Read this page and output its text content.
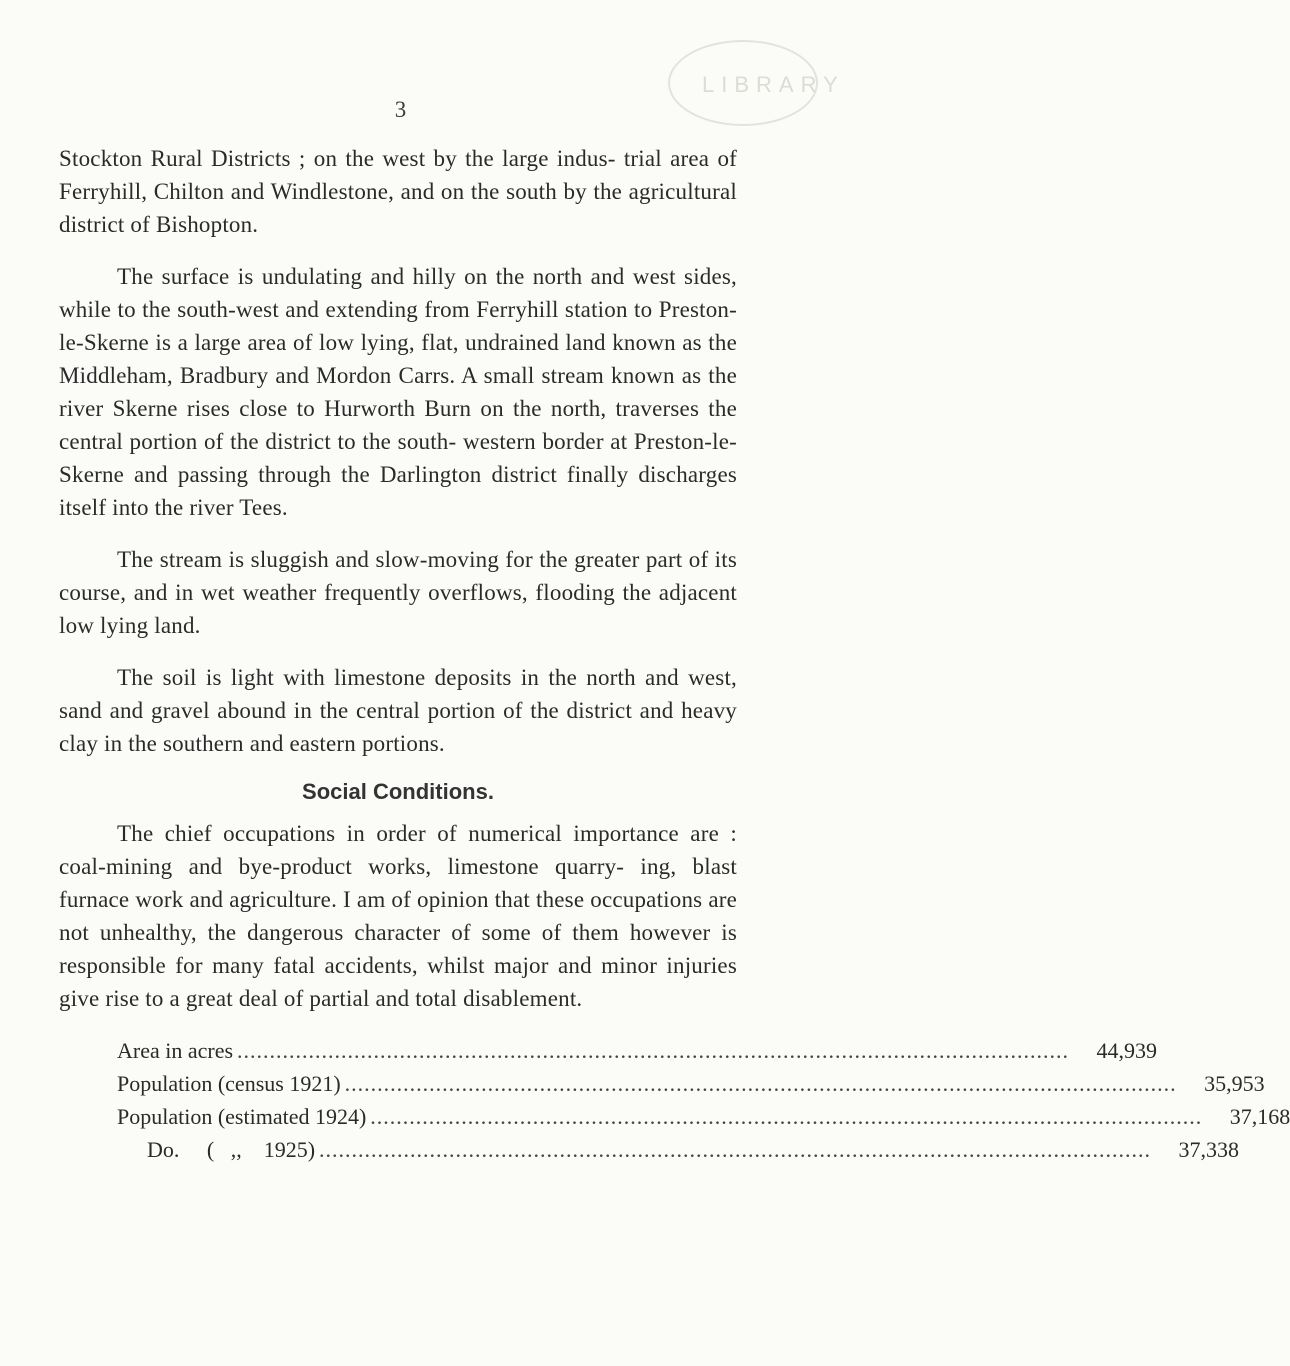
LIBRARY
3

Stockton Rural Districts ; on the west by the large indus- trial area of Ferryhill, Chilton and Windlestone, and on the south by the agricultural district of Bishopton.

The surface is undulating and hilly on the north and west sides, while to the south-west and extending from Ferryhill station to Preston-le-Skerne is a large area of low lying, flat, undrained land known as the Middleham, Bradbury and Mordon Carrs. A small stream known as the river Skerne rises close to Hurworth Burn on the north, traverses the central portion of the district to the south- western border at Preston-le-Skerne and passing through the Darlington district finally discharges itself into the river Tees.

The stream is sluggish and slow-moving for the greater part of its course, and in wet weather frequently overflows, flooding the adjacent low lying land.

The soil is light with limestone deposits in the north and west, sand and gravel abound in the central portion of the district and heavy clay in the southern and eastern portions.

Social Conditions.

The chief occupations in order of numerical importance are : coal-mining and bye-product works, limestone quarry- ing, blast furnace work and agriculture. I am of opinion that these occupations are not unhealthy, the dangerous character of some of them however is responsible for many fatal accidents, whilst major and minor injuries give rise to a great deal of partial and total disablement.

Area in acres .....	44,939
Population (census 1921) .....	35,953
Population (estimated 1924) .....	37,168
Do.     (   ,,    1925) .....	37,338
